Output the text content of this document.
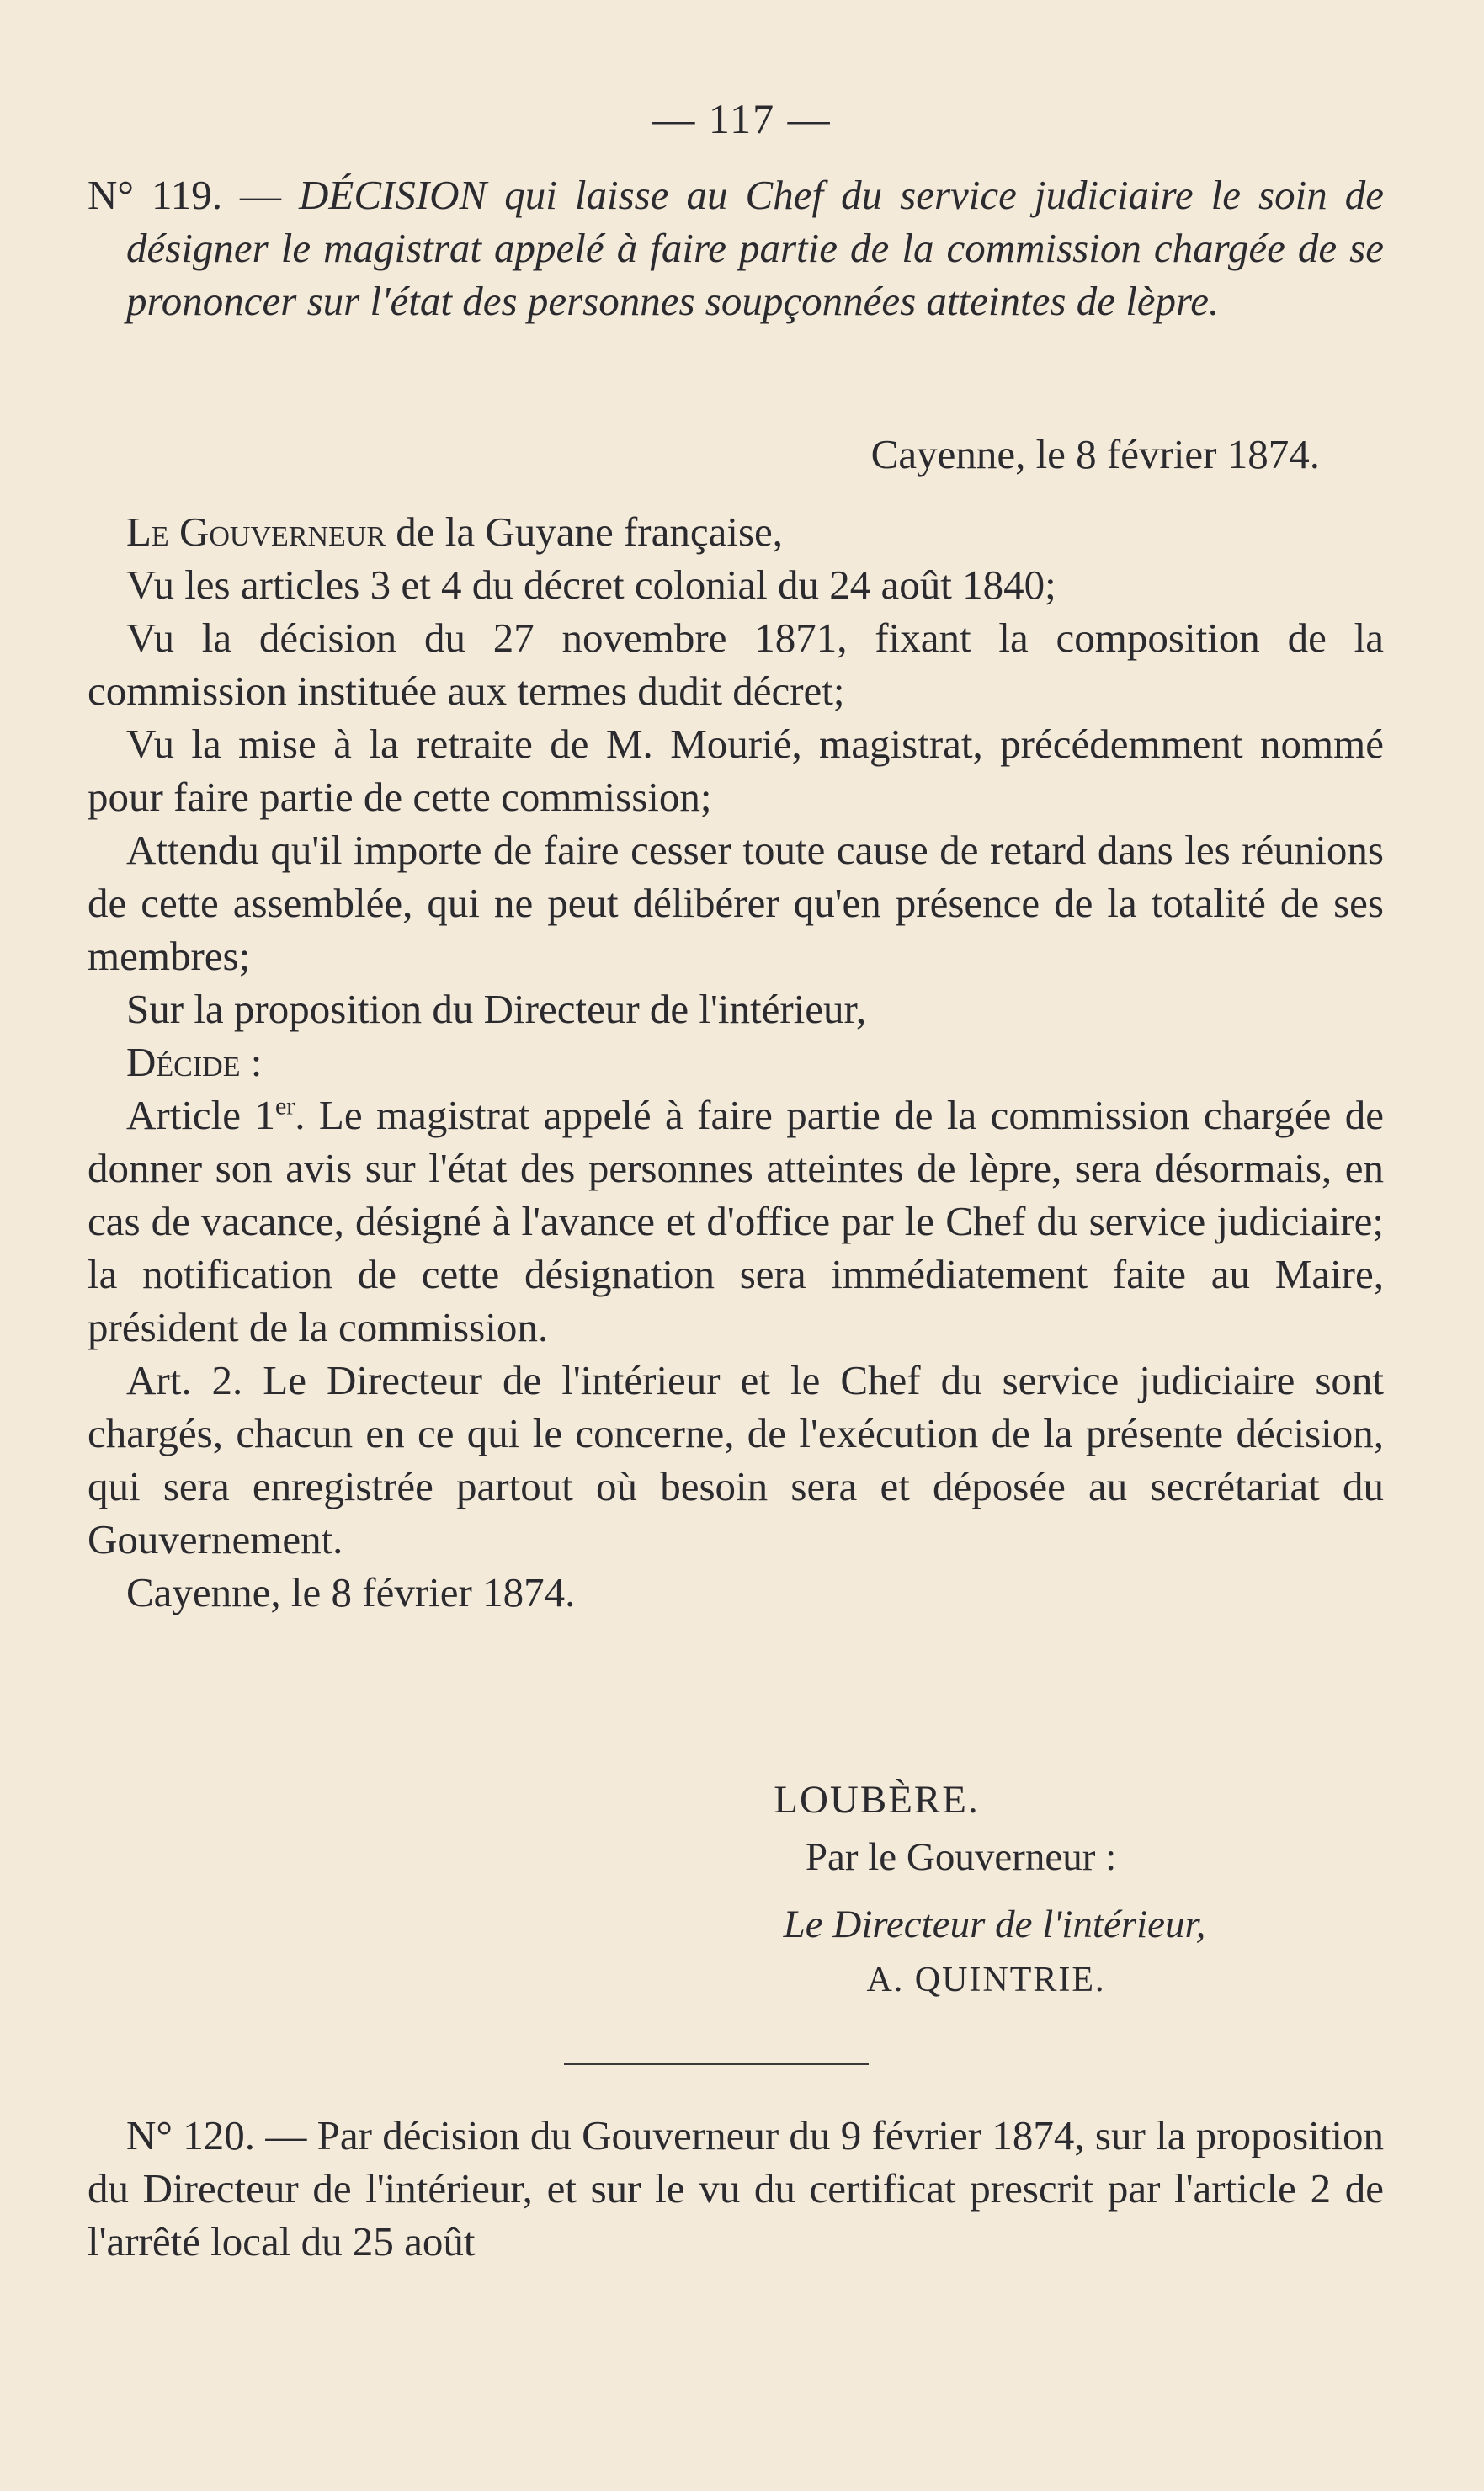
— 117 —

N° 119. — DÉCISION qui laisse au Chef du service judiciaire le soin de désigner le magistrat appelé à faire partie de la commission chargée de se prononcer sur l'état des personnes soupçonnées atteintes de lèpre.

Cayenne, le 8 février 1874.

Le Gouverneur de la Guyane française,

Vu les articles 3 et 4 du décret colonial du 24 août 1840;

Vu la décision du 27 novembre 1871, fixant la composition de la commission instituée aux termes dudit décret;

Vu la mise à la retraite de M. Mourié, magistrat, précédemment nommé pour faire partie de cette commission;

Attendu qu'il importe de faire cesser toute cause de retard dans les réunions de cette assemblée, qui ne peut délibérer qu'en présence de la totalité de ses membres;

Sur la proposition du Directeur de l'intérieur,

Décide :

Article 1er. Le magistrat appelé à faire partie de la commission chargée de donner son avis sur l'état des personnes atteintes de lèpre, sera désormais, en cas de vacance, désigné à l'avance et d'office par le Chef du service judiciaire; la notification de cette désignation sera immédiatement faite au Maire, président de la commission.

Art. 2. Le Directeur de l'intérieur et le Chef du service judiciaire sont chargés, chacun en ce qui le concerne, de l'exécution de la présente décision, qui sera enregistrée partout où besoin sera et déposée au secrétariat du Gouvernement.

Cayenne, le 8 février 1874.

LOUBÈRE.
Par le Gouverneur :
Le Directeur de l'intérieur,
A. QUINTRIE.

N° 120. — Par décision du Gouverneur du 9 février 1874, sur la proposition du Directeur de l'intérieur, et sur le vu du certificat prescrit par l'article 2 de l'arrêté local du 25 août
